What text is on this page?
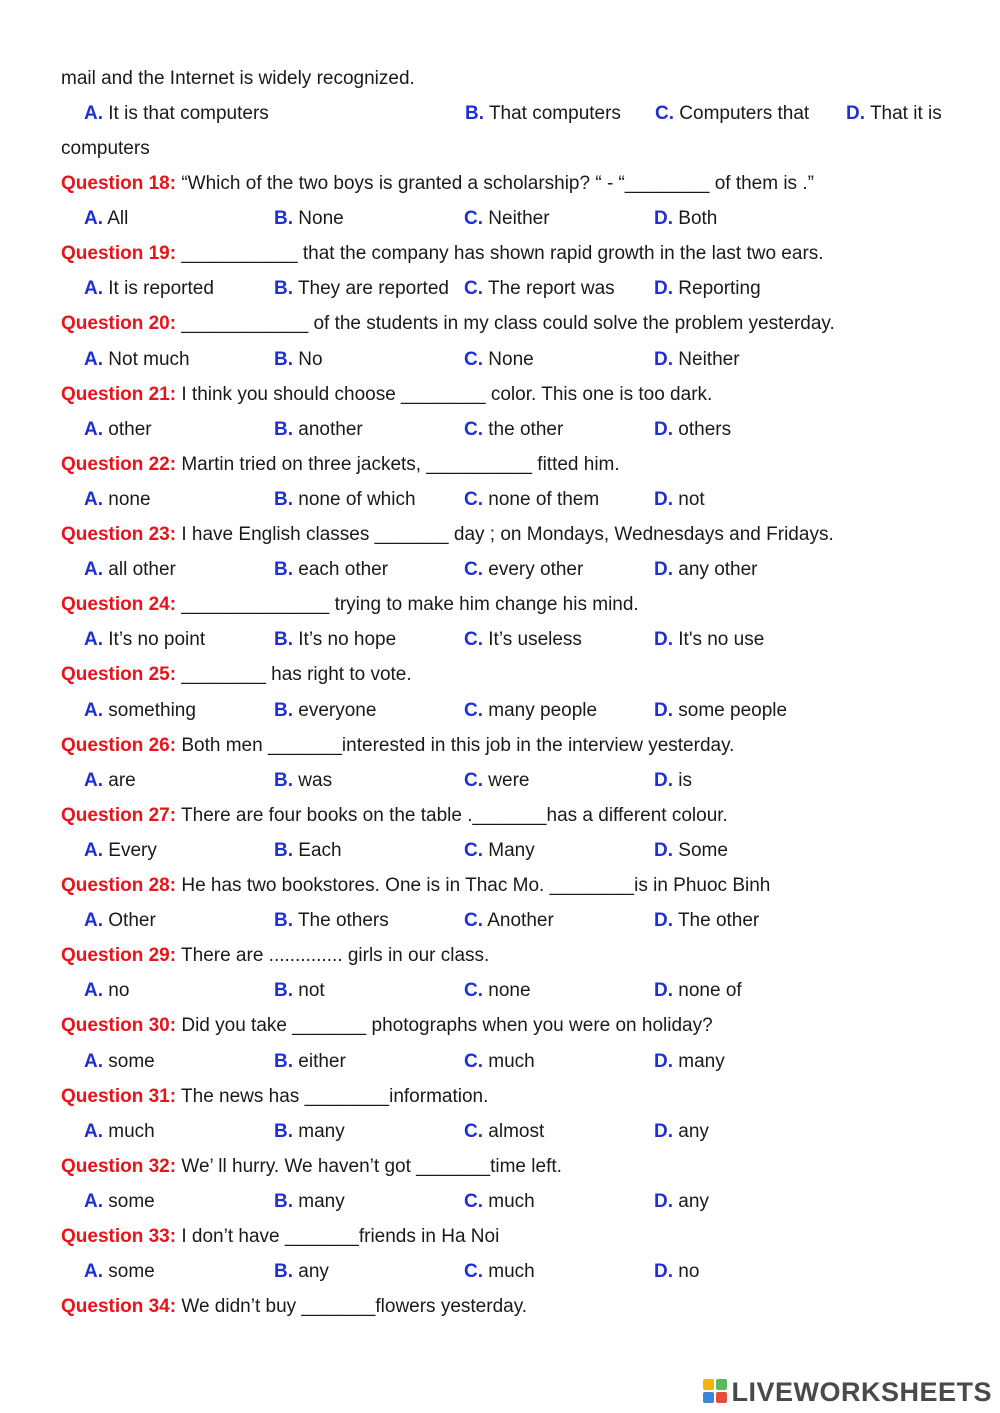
mail and the Internet is widely recognized.
A. It is that computers	B. That computers C. Computers that D. That it is
computers
Question 18: “Which of the two boys is granted a scholarship? “ - “________ of them is .”
A. All	B. None	C. Neither	D. Both
Question 19: ___________ that the company has shown rapid growth in the last two ears.
A. It is reported	B. They are reported C. The report was D. Reporting
Question 20: ____________ of the students in my class could solve the problem yesterday.
A. Not much	B. No	C. None	D. Neither
Question 21: I think you should choose ________ color. This one is too dark.
A. other	B. another	C. the other	D. others
Question 22: Martin tried on three jackets, __________ fitted him.
A. none	B. none of which	C. none of them	D. not
Question 23: I have English classes _______ day ; on Mondays, Wednesdays and Fridays.
A. all other	B. each other	C. every other	D. any other
Question 24: ______________ trying to make him change his mind.
A. It’s no point	B. It’s no hope	C. It’s useless	D. It's no use
Question 25: ________ has right to vote.
A. something	B. everyone	C. many people	D. some people
Question 26: Both men _______interested in this job in the interview yesterday.
A. are	B. was	C. were	D. is
Question 27: There are four books on the table ._______has a different colour.
A. Every	B. Each	C. Many	D. Some
Question 28: He has two bookstores. One is in Thac Mo. ________is in Phuoc Binh
A. Other	B. The others	C. Another	D. The other
Question 29: There are .............. girls in our class.
A. no	B. not	C. none	D. none of
Question 30: Did you take _______ photographs when you were on holiday?
A. some	B. either	C. much	D. many
Question 31: The news has ________information.
A. much	B. many	C. almost	D. any
Question 32: We’ ll hurry. We haven’t got _______time left.
A. some	B. many	C. much	D. any
Question 33: I don’t have _______friends in Ha Noi
A. some	B. any	C. much	D. no
Question 34: We didn’t buy _______flowers yesterday.
LIVEWORKSHEETS
